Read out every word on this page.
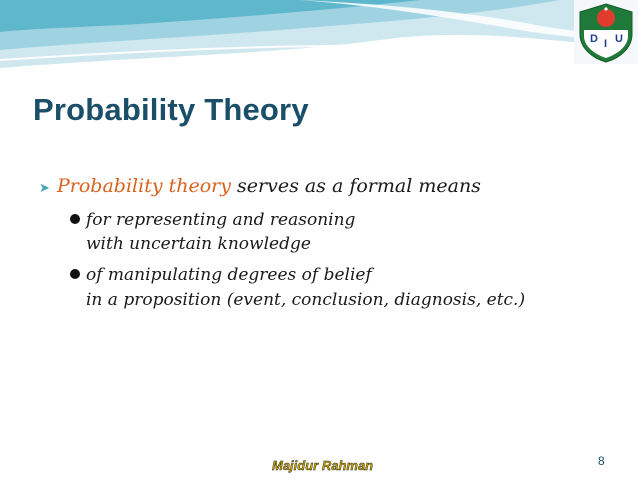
D I U
Probability Theory
➤ Probability theory serves as a formal means
for representing and reasoning
with uncertain knowledge
of manipulating degrees of belief
in a proposition (event, conclusion, diagnosis, etc.)
Majidur Rahman	8
